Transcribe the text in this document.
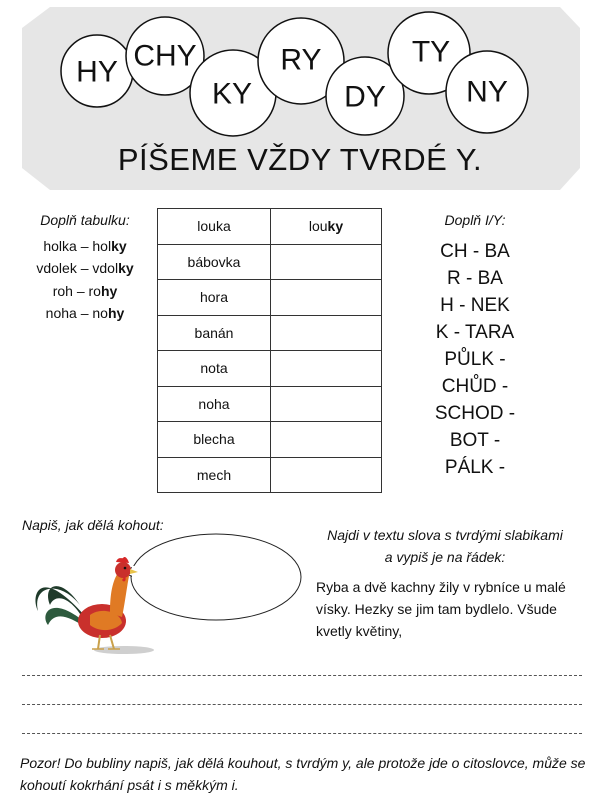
HY CHY
KY
RY
DY
TY
NY
PÍŠEME VŽDY TVRDÉ Y.
Doplň tabulku:
holka – holky
vdolek – vdolky
roh – rohy
noha – nohy
louka	louky
bábovka	
hora	
banán	
nota	
noha	
blecha	
mech	
Doplň I/Y:
CH - BA
R - BA
H - NEK
K - TARA
PŮLK -
CHŮD -
SCHOD -
BOT -
PÁLK -
Napiš, jak dělá kohout:
Najdi v textu slova s tvrdými slabikami
a vypiš je na řádek:
Ryba a dvě kachny žily v rybníce u malé vísky. Hezky se jim tam bydlelo. Všude kvetly květiny,
Pozor! Do bubliny napiš, jak dělá kouhout, s tvrdým y, ale protože jde o citoslovce, může se kohoutí kokrhání psát i s měkkým i.
